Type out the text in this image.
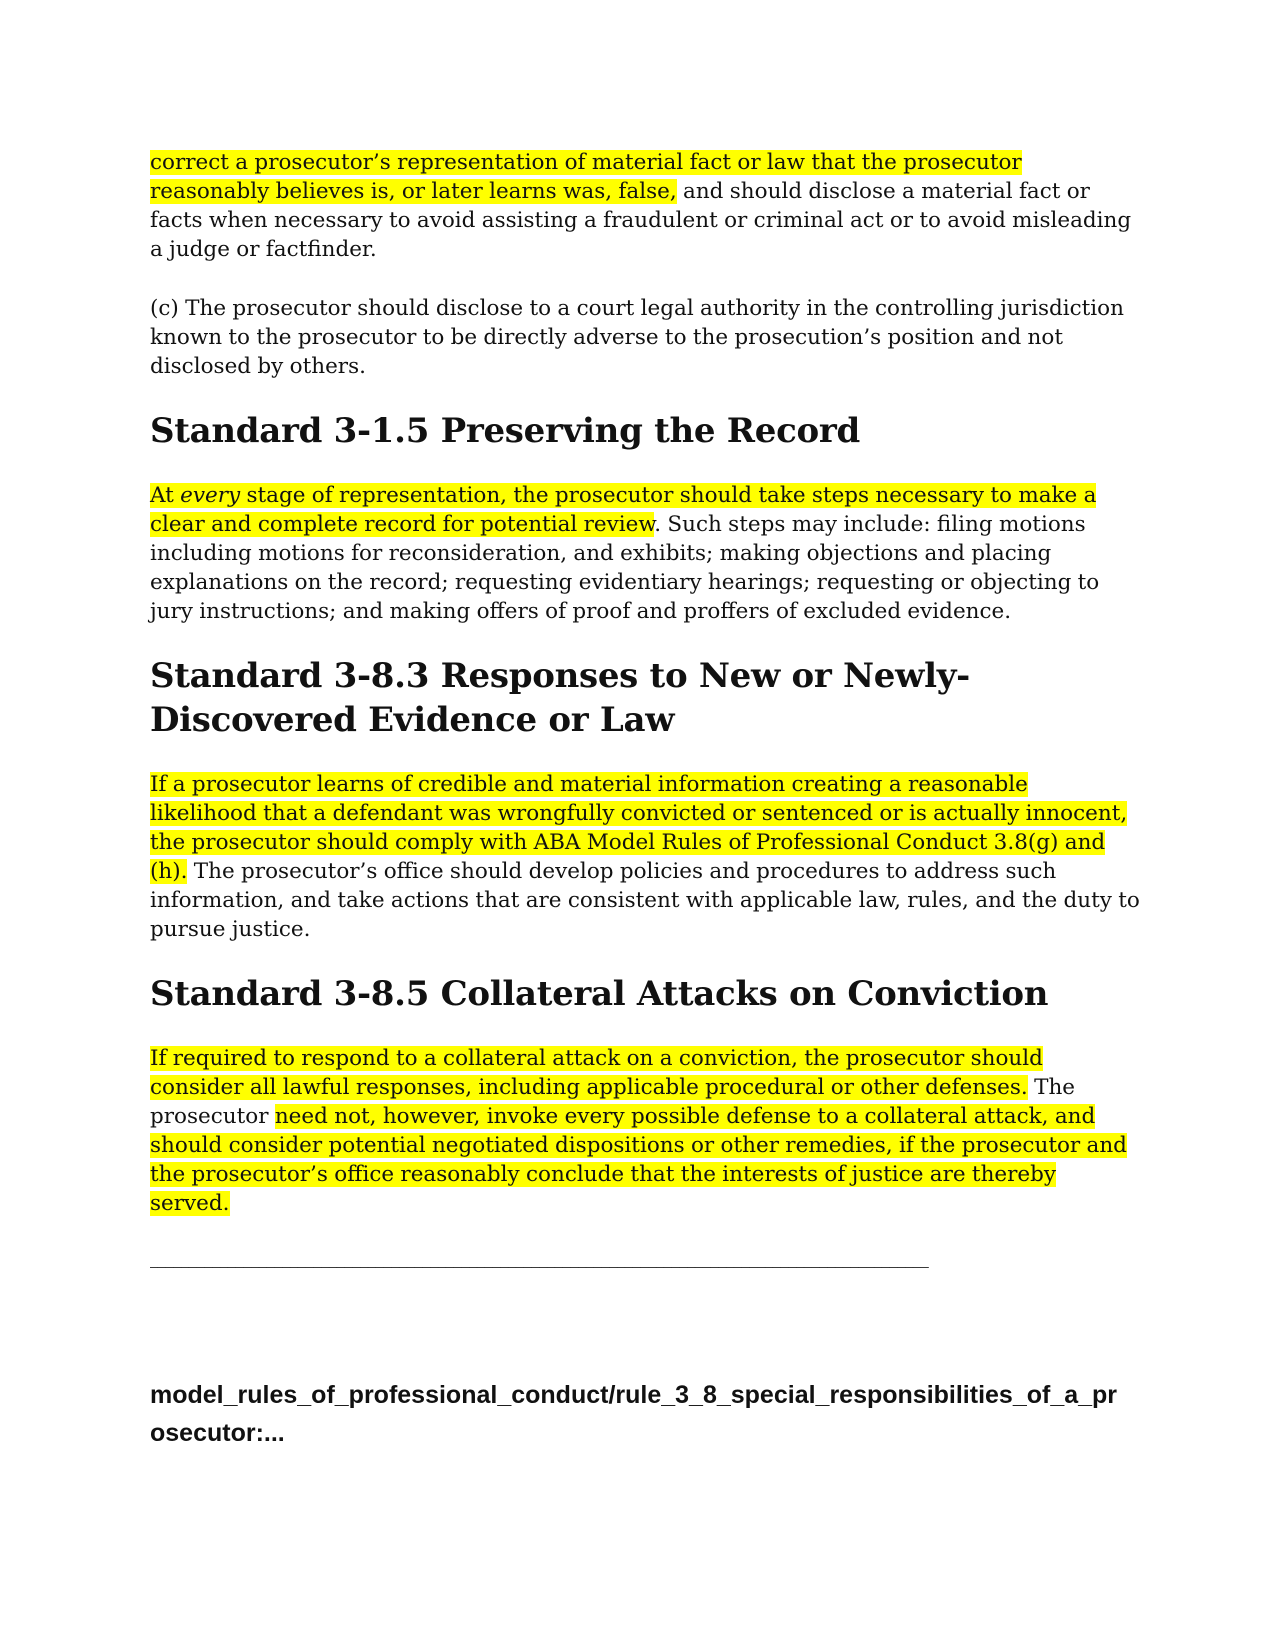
correct a prosecutor’s representation of material fact or law that the prosecutor reasonably believes is, or later learns was, false, and should disclose a material fact or facts when necessary to avoid assisting a fraudulent or criminal act or to avoid misleading a judge or factfinder.

(c) The prosecutor should disclose to a court legal authority in the controlling jurisdiction known to the prosecutor to be directly adverse to the prosecution’s position and not disclosed by others.

Standard 3-1.5 Preserving the Record

At every stage of representation, the prosecutor should take steps necessary to make a clear and complete record for potential review. Such steps may include: filing motions including motions for reconsideration, and exhibits; making objections and placing explanations on the record; requesting evidentiary hearings; requesting or objecting to jury instructions; and making offers of proof and proffers of excluded evidence.

Standard 3-8.3 Responses to New or Newly-Discovered Evidence or Law

If a prosecutor learns of credible and material information creating a reasonable likelihood that a defendant was wrongfully convicted or sentenced or is actually innocent, the prosecutor should comply with ABA Model Rules of Professional Conduct 3.8(g) and (h). The prosecutor’s office should develop policies and procedures to address such information, and take actions that are consistent with applicable law, rules, and the duty to pursue justice.

Standard 3-8.5 Collateral Attacks on Conviction

If required to respond to a collateral attack on a conviction, the prosecutor should consider all lawful responses, including applicable procedural or other defenses. The prosecutor need not, however, invoke every possible defense to a collateral attack, and should consider potential negotiated dispositions or other remedies, if the prosecutor and the prosecutor’s office reasonably conclude that the interests of justice are thereby served.

____________________________________________________________________________________________________
model_rules_of_professional_conduct/rule_3_8_special_responsibilities_of_a_prosecutor:...
